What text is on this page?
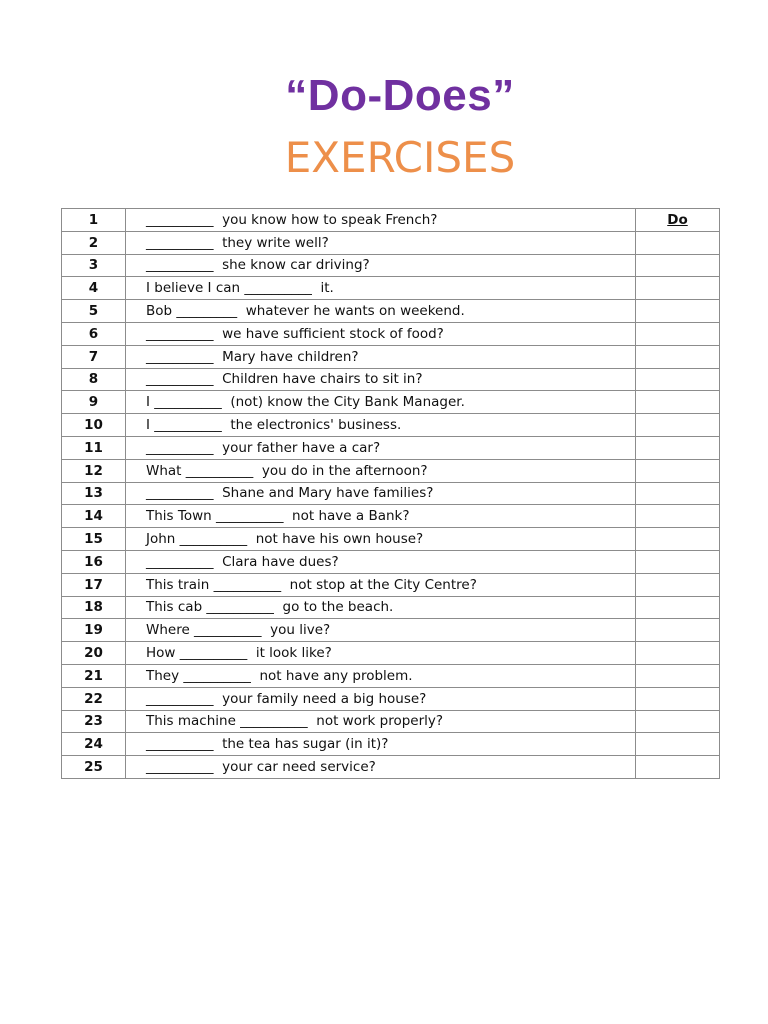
“Do-Does”
EXERCISES
1	__________  you know how to speak French?	Do
2	__________  they write well?	
3	__________  she know car driving?	
4	I believe I can __________  it.	
5	Bob _________  whatever he wants on weekend.	
6	__________  we have sufficient stock of food?	
7	__________  Mary have children?	
8	__________  Children have chairs to sit in?	
9	I __________  (not) know the City Bank Manager.	
10	I __________  the electronics' business.	
11	__________  your father have a car?	
12	What __________  you do in the afternoon?	
13	__________  Shane and Mary have families?	
14	This Town __________  not have a Bank?	
15	John __________  not have his own house?	
16	__________  Clara have dues?	
17	This train __________  not stop at the City Centre?	
18	This cab __________  go to the beach.	
19	Where __________  you live?	
20	How __________  it look like?	
21	They __________  not have any problem.	
22	__________  your family need a big house?	
23	This machine __________  not work properly?	
24	__________  the tea has sugar (in it)?	
25	__________  your car need service?	
